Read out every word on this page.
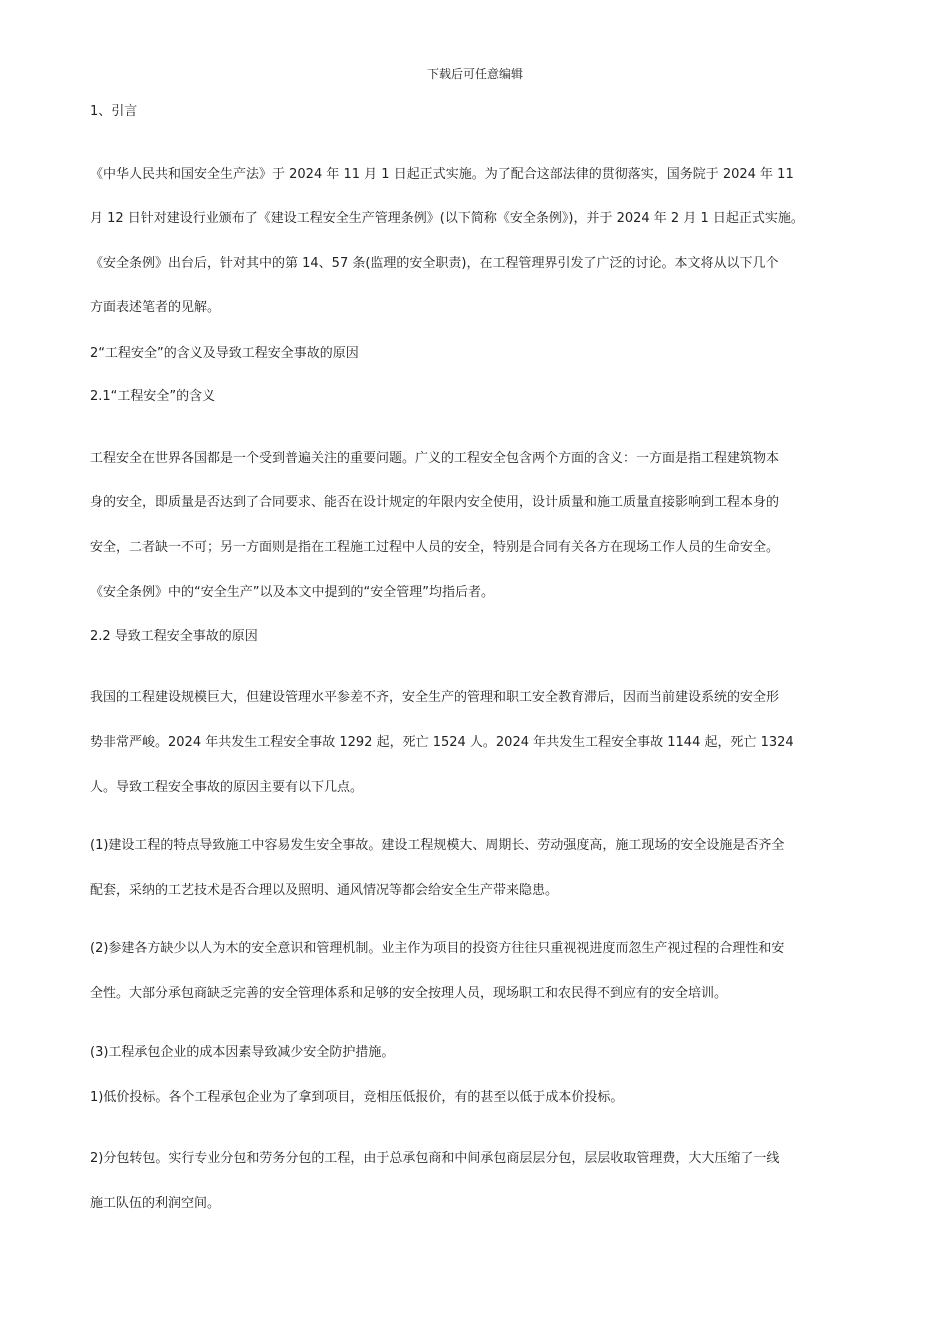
下载后可任意编辑
1、引言
《中华人民共和国安全生产法》于 2024 年 11 月 1 日起正式实施。为了配合这部法律的贯彻落实，国务院于 2024 年 11
月 12 日针对建设行业颁布了《建设工程安全生产管理条例》(以下简称《安全条例》)，并于 2024 年 2 月 1 日起正式实施。
《安全条例》出台后，针对其中的第 14、57 条(监理的安全职责)，在工程管理界引发了广泛的讨论。本文将从以下几个
方面表述笔者的见解。
2“工程安全”的含义及导致工程安全事故的原因
2.1“工程安全”的含义
工程安全在世界各国都是一个受到普遍关注的重要问题。广义的工程安全包含两个方面的含义：一方面是指工程建筑物本
身的安全，即质量是否达到了合同要求、能否在设计规定的年限内安全使用，设计质量和施工质量直接影响到工程本身的
安全，二者缺一不可；另一方面则是指在工程施工过程中人员的安全，特别是合同有关各方在现场工作人员的生命安全。
《安全条例》中的“安全生产”以及本文中提到的“安全管理”均指后者。
2.2 导致工程安全事故的原因
我国的工程建设规模巨大，但建设管理水平参差不齐，安全生产的管理和职工安全教育滞后，因而当前建设系统的安全形
势非常严峻。2024 年共发生工程安全事故 1292 起，死亡 1524 人。2024 年共发生工程安全事故 1144 起，死亡 1324
人。导致工程安全事故的原因主要有以下几点。
(1)建设工程的特点导致施工中容易发生安全事故。建设工程规模大、周期长、劳动强度高，施工现场的安全设施是否齐全
配套，采纳的工艺技术是否合理以及照明、通风情况等都会给安全生产带来隐患。
(2)参建各方缺少以人为木的安全意识和管理机制。业主作为项目的投资方往往只重视视进度而忽生产视过程的合理性和安
全性。大部分承包商缺乏完善的安全管理体系和足够的安全按理人员，现场职工和农民得不到应有的安全培训。
(3)工程承包企业的成本因素导致减少安全防护措施。
1)低价投标。各个工程承包企业为了拿到项目，竞相压低报价，有的甚至以低于成本价投标。
2)分包转包。实行专业分包和劳务分包的工程，由于总承包商和中间承包商层层分包，层层收取管理费，大大压缩了一线
施工队伍的利润空间。
